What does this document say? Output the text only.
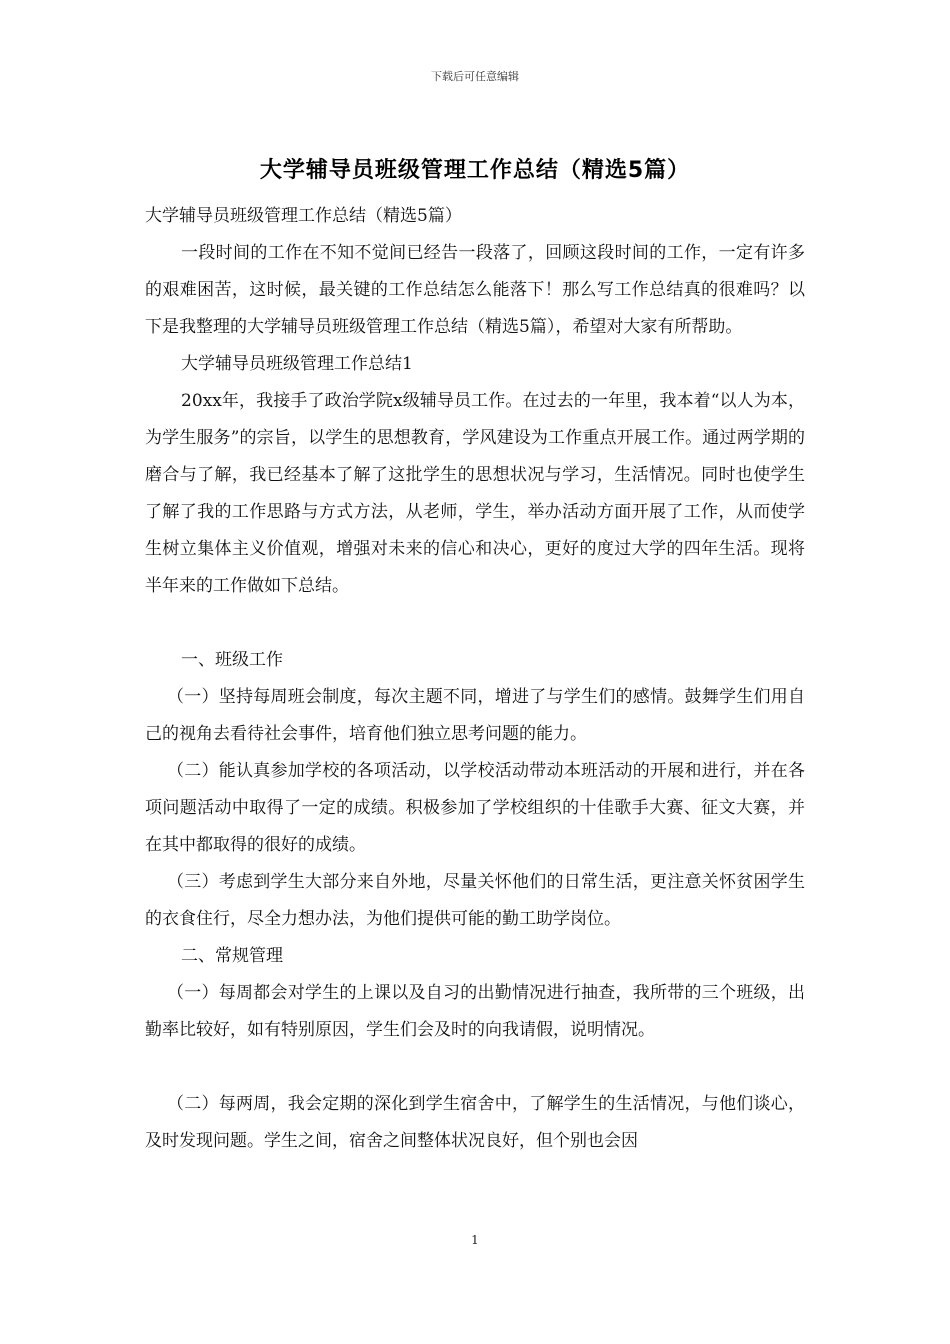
下载后可任意编辑
大学辅导员班级管理工作总结（精选5篇）

大学辅导员班级管理工作总结（精选5篇）

一段时间的工作在不知不觉间已经告一段落了，回顾这段时间的工作，一定有许多的艰难困苦，这时候，最关键的工作总结怎么能落下！那么写工作总结真的很难吗？以下是我整理的大学辅导员班级管理工作总结（精选5篇），希望对大家有所帮助。

大学辅导员班级管理工作总结1

20xx年，我接手了政治学院x级辅导员工作。在过去的一年里，我本着“以人为本，为学生服务”的宗旨，以学生的思想教育，学风建设为工作重点开展工作。通过两学期的磨合与了解，我已经基本了解了这批学生的思想状况与学习，生活情况。同时也使学生了解了我的工作思路与方式方法，从老师，学生，举办活动方面开展了工作，从而使学生树立集体主义价值观，增强对未来的信心和决心，更好的度过大学的四年生活。现将半年来的工作做如下总结。

一、班级工作

（一）坚持每周班会制度，每次主题不同，增进了与学生们的感情。鼓舞学生们用自己的视角去看待社会事件，培育他们独立思考问题的能力。

（二）能认真参加学校的各项活动，以学校活动带动本班活动的开展和进行，并在各项问题活动中取得了一定的成绩。积极参加了学校组织的十佳歌手大赛、征文大赛，并在其中都取得的很好的成绩。

（三）考虑到学生大部分来自外地，尽量关怀他们的日常生活，更注意关怀贫困学生的衣食住行，尽全力想办法，为他们提供可能的勤工助学岗位。

二、常规管理

（一）每周都会对学生的上课以及自习的出勤情况进行抽查，我所带的三个班级，出勤率比较好，如有特别原因，学生们会及时的向我请假，说明情况。

（二）每两周，我会定期的深化到学生宿舍中，了解学生的生活情况，与他们谈心，及时发现问题。学生之间，宿舍之间整体状况良好，但个别也会因

1
